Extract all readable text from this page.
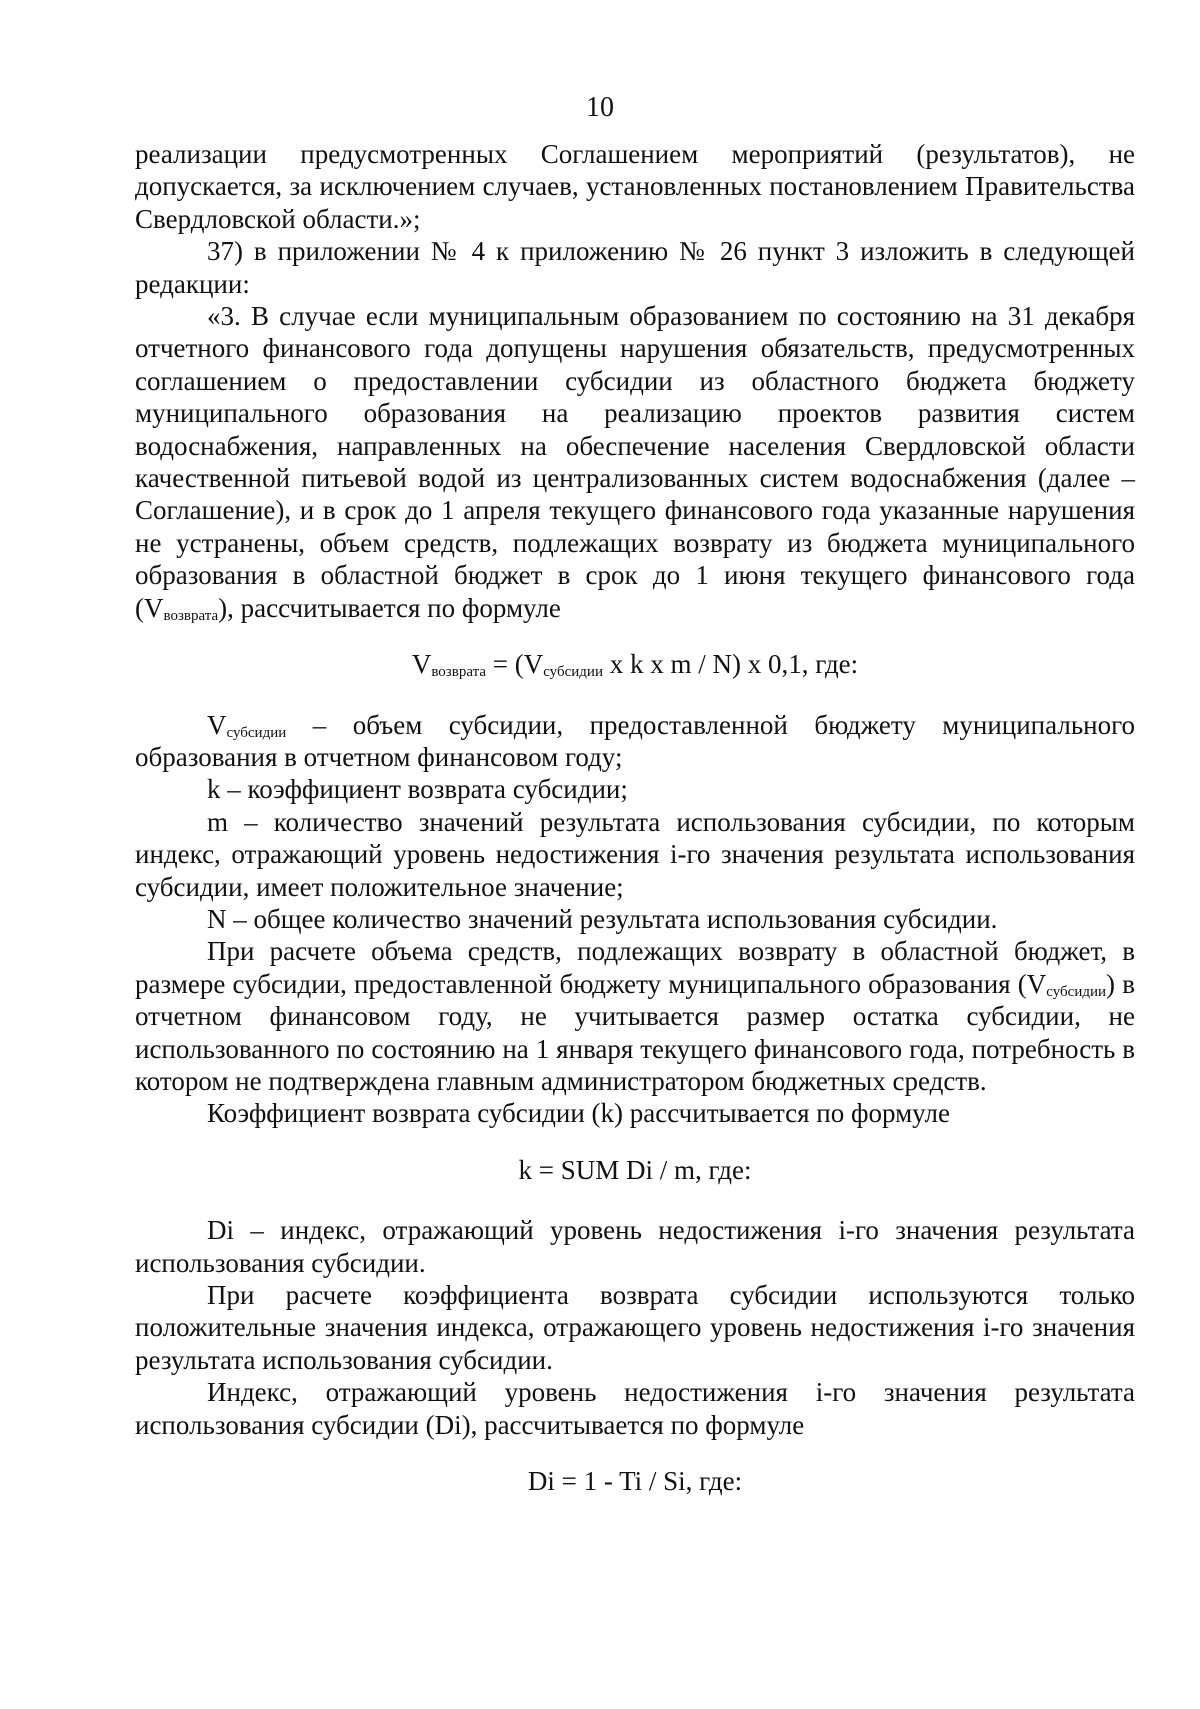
10

реализации предусмотренных Соглашением мероприятий (результатов), не допускается, за исключением случаев, установленных постановлением Правительства Свердловской области.»;

37) в приложении № 4 к приложению № 26 пункт 3 изложить в следующей редакции:

«3. В случае если муниципальным образованием по состоянию на 31 декабря отчетного финансового года допущены нарушения обязательств, предусмотренных соглашением о предоставлении субсидии из областного бюджета бюджету муниципального образования на реализацию проектов развития систем водоснабжения, направленных на обеспечение населения Свердловской области качественной питьевой водой из централизованных систем водоснабжения (далее – Соглашение), и в срок до 1 апреля текущего финансового года указанные нарушения не устранены, объем средств, подлежащих возврату из бюджета муниципального образования в областной бюджет в срок до 1 июня текущего финансового года $(V_{возврата})$, рассчитывается по формуле

$V_{возврата} = (V_{субсидии}$ x k x m / N) x 0,1, где:

$V_{субсидии}$ – объем субсидии, предоставленной бюджету муниципального образования в отчетном финансовом году;

k – коэффициент возврата субсидии;

m – количество значений результата использования субсидии, по которым индекс, отражающий уровень недостижения i-го значения результата использования субсидии, имеет положительное значение;

N – общее количество значений результата использования субсидии.

При расчете объема средств, подлежащих возврату в областной бюджет, в размере субсидии, предоставленной бюджету муниципального образования $(V_{субсидии})$ в отчетном финансовом году, не учитывается размер остатка субсидии, не использованного по состоянию на 1 января текущего финансового года, потребность в котором не подтверждена главным администратором бюджетных средств.

Коэффициент возврата субсидии (k) рассчитывается по формуле

k = SUM Di / m, где:

Di – индекс, отражающий уровень недостижения i-го значения результата использования субсидии.

При расчете коэффициента возврата субсидии используются только положительные значения индекса, отражающего уровень недостижения i-го значения результата использования субсидии.

Индекс, отражающий уровень недостижения i-го значения результата использования субсидии (Di), рассчитывается по формуле

Di = 1 - Ti / Si, где:
